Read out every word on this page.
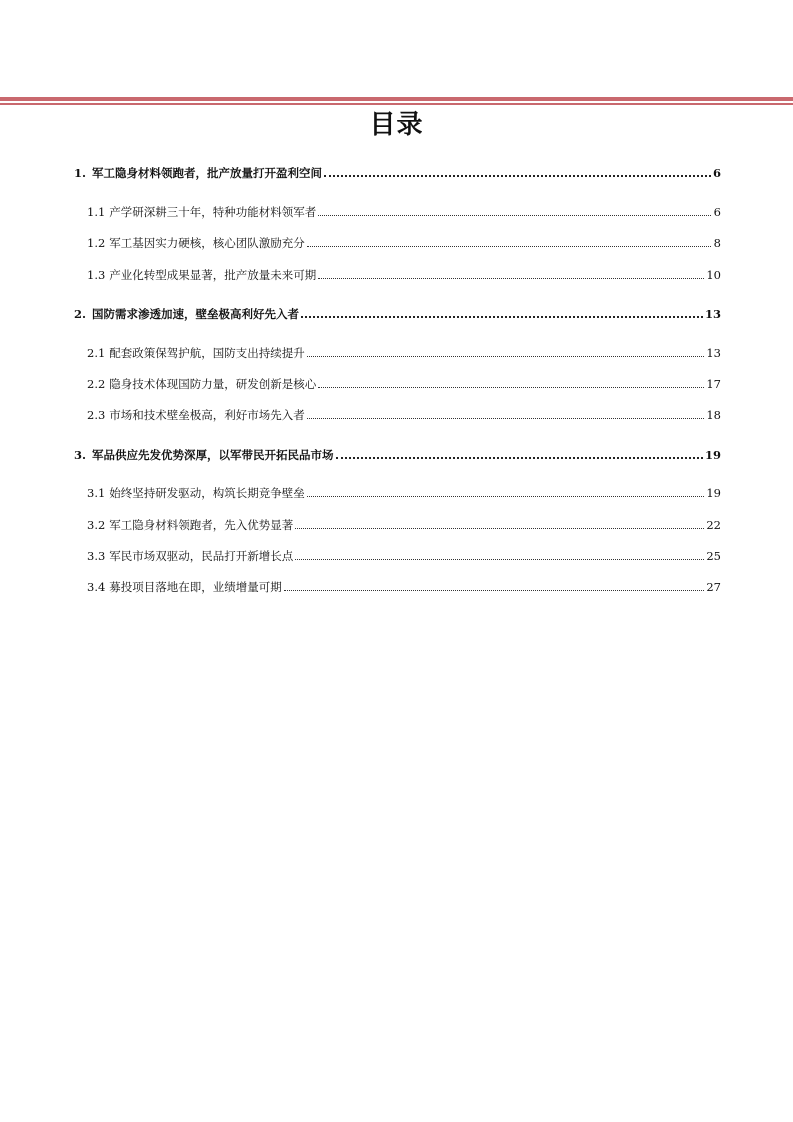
目录
1. 军工隐身材料领跑者，批产放量打开盈利空间	6
1.1 产学研深耕三十年，特种功能材料领军者	6
1.2 军工基因实力硬核，核心团队激励充分	8
1.3 产业化转型成果显著，批产放量未来可期	10
2. 国防需求渗透加速，壁垒极高利好先入者	13
2.1 配套政策保驾护航，国防支出持续提升	13
2.2 隐身技术体现国防力量，研发创新是核心	17
2.3 市场和技术壁垒极高，利好市场先入者	18
3. 军品供应先发优势深厚，以军带民开拓民品市场	19
3.1 始终坚持研发驱动，构筑长期竞争壁垒	19
3.2 军工隐身材料领跑者，先入优势显著	22
3.3 军民市场双驱动，民品打开新增长点	25
3.4 募投项目落地在即，业绩增量可期	27
